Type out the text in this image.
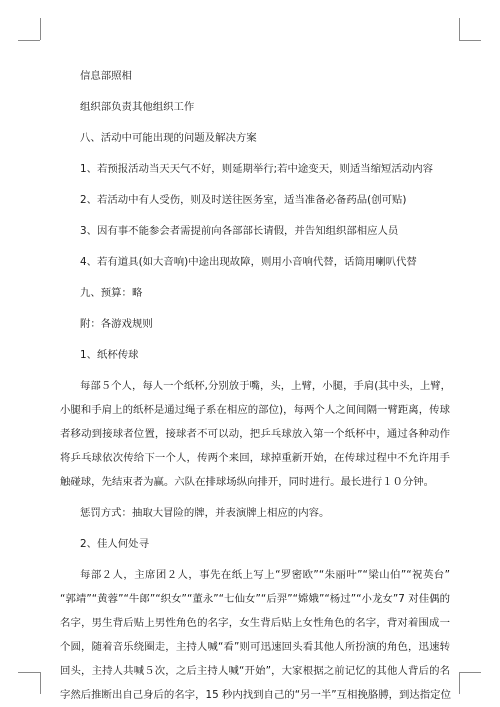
信息部照相

组织部负责其他组织工作

八、活动中可能出现的问题及解决方案

1、若预报活动当天天气不好，则延期举行;若中途变天，则适当缩短活动内容

2、若活动中有人受伤，则及时送往医务室，适当准备必备药品(创可贴)

3、因有事不能参会者需提前向各部部长请假，并告知组织部相应人员

4、若有道具(如大音响)中途出现故障，则用小音响代替，话筒用喇叭代替

九、预算：略

附：各游戏规则

1、纸杯传球

每部５个人，每人一个纸杯,分别放于嘴，头，上臂，小腿，手肩(其中头，上臂，

小腿和手肩上的纸杯是通过绳子系在相应的部位)，每两个人之间间隔一臂距离，传球

者移动到接球者位置，接球者不可以动，把乒乓球放入第一个纸杯中，通过各种动作

将乒乓球依次传给下一个人，传两个来回，球掉重新开始，在传球过程中不允许用手

触碰球，先结束者为赢。六队在排球场纵向排开，同时进行。最长进行１０分钟。

惩罚方式：抽取大冒险的牌，并表演牌上相应的内容。

2、佳人何处寻

每部２人，主席团２人，事先在纸上写上“罗密欧”“朱丽叶”“梁山伯”“祝英台”

“郭靖”“黄蓉”“牛郎”“织女”“董永”“七仙女”“后羿”“嫦娥”“杨过”“小龙女”7 对佳偶的

名字，男生背后贴上男性角色的名字，女生背后贴上女性角色的名字，背对着围成一

个圆，随着音乐绕圈走，主持人喊“看”则可迅速回头看其他人所扮演的角色，迅速转

回头，主持人共喊５次，之后主持人喊“开始”，大家根据之前记忆的其他人背后的名

字然后推断出自己身后的名字，15 秒内找到自己的“另一半”互相挽胳膊，到达指定位
